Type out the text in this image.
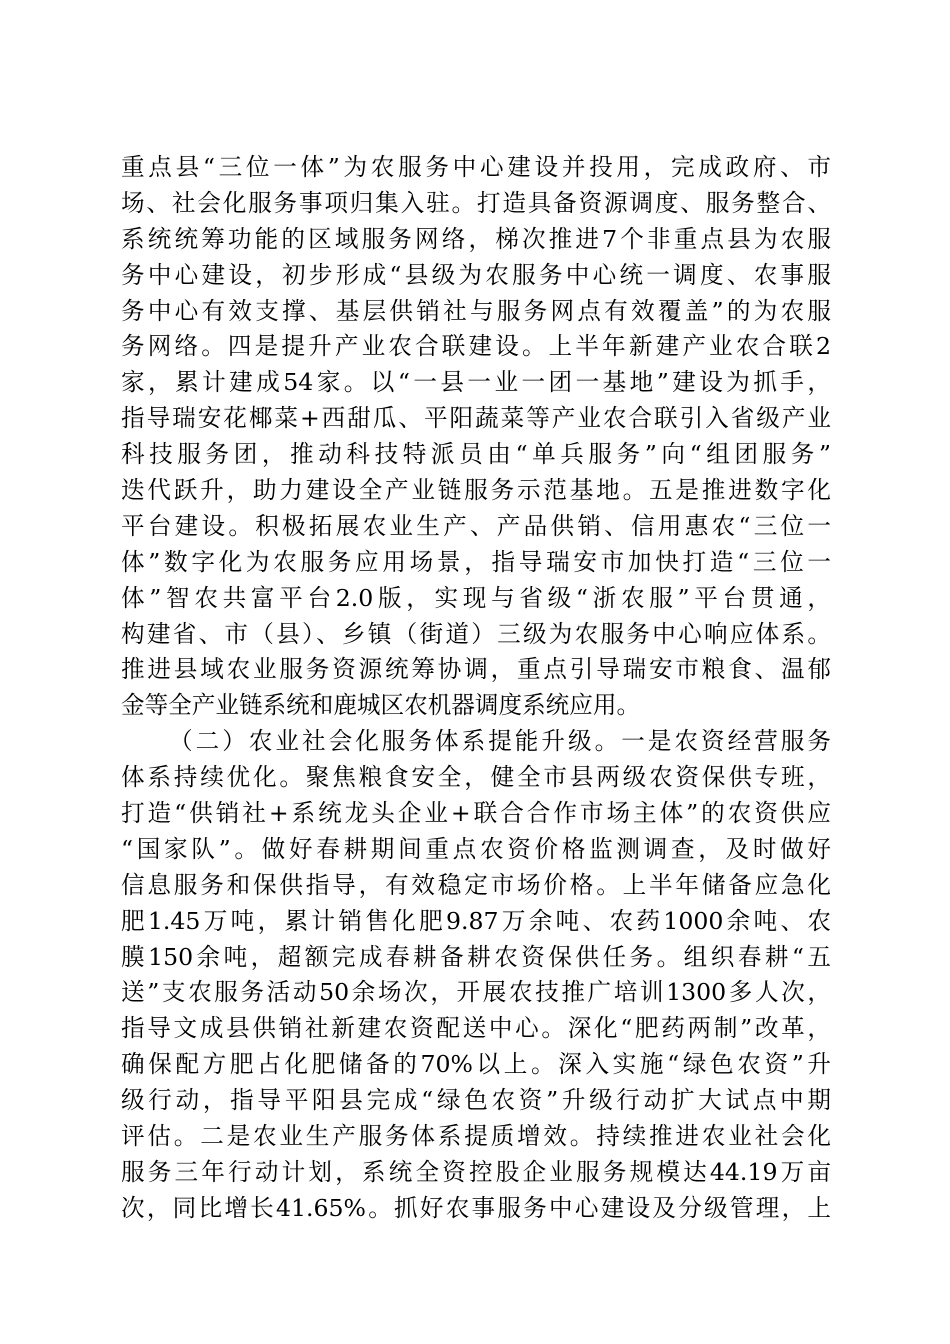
重点县“三位一体”为农服务中心建设并投用，完成政府、市
场、社会化服务事项归集入驻。打造具备资源调度、服务整合、
系统统筹功能的区域服务网络，梯次推进7个非重点县为农服
务中心建设，初步形成“县级为农服务中心统一调度、农事服
务中心有效支撑、基层供销社与服务网点有效覆盖”的为农服
务网络。四是提升产业农合联建设。上半年新建产业农合联2
家，累计建成54家。以“一县一业一团一基地”建设为抓手，
指导瑞安花椰菜+西甜瓜、平阳蔬菜等产业农合联引入省级产业
科技服务团，推动科技特派员由“单兵服务”向“组团服务”
迭代跃升，助力建设全产业链服务示范基地。五是推进数字化
平台建设。积极拓展农业生产、产品供销、信用惠农“三位一
体”数字化为农服务应用场景，指导瑞安市加快打造“三位一
体”智农共富平台2.0版，实现与省级“浙农服”平台贯通，
构建省、市（县）、乡镇（街道）三级为农服务中心响应体系。
推进县域农业服务资源统筹协调，重点引导瑞安市粮食、温郁
金等全产业链系统和鹿城区农机器调度系统应用。
（二）农业社会化服务体系提能升级。一是农资经营服务
体系持续优化。聚焦粮食安全，健全市县两级农资保供专班，
打造“供销社+系统龙头企业+联合合作市场主体”的农资供应
“国家队”。做好春耕期间重点农资价格监测调查，及时做好
信息服务和保供指导，有效稳定市场价格。上半年储备应急化
肥1.45万吨，累计销售化肥9.87万余吨、农药1000余吨、农
膜150余吨，超额完成春耕备耕农资保供任务。组织春耕“五
送”支农服务活动50余场次，开展农技推广培训1300多人次，
指导文成县供销社新建农资配送中心。深化“肥药两制”改革，
确保配方肥占化肥储备的70%以上。深入实施“绿色农资”升
级行动，指导平阳县完成“绿色农资”升级行动扩大试点中期
评估。二是农业生产服务体系提质增效。持续推进农业社会化
服务三年行动计划，系统全资控股企业服务规模达44.19万亩
次，同比增长41.65%。抓好农事服务中心建设及分级管理，上
